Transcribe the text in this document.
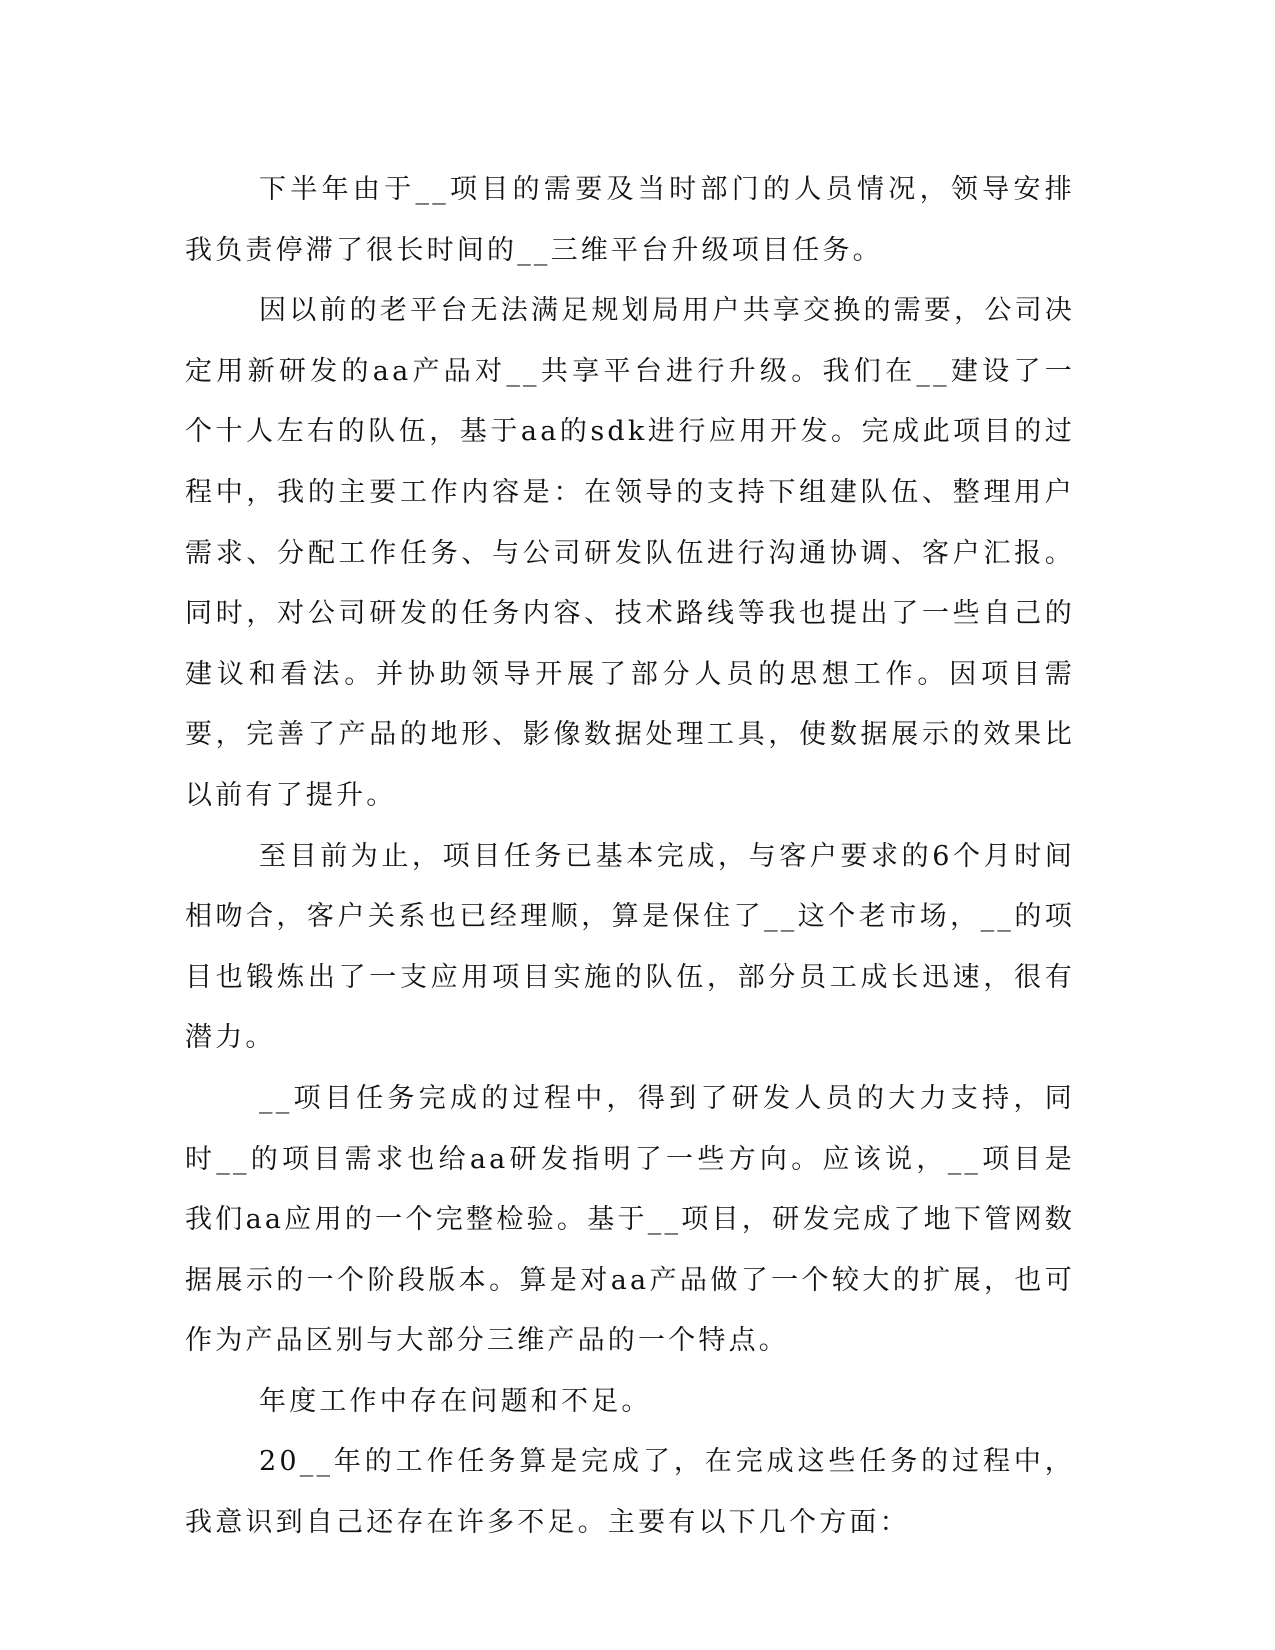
下半年由于__项目的需要及当时部门的人员情况，领导安排我负责停滞了很长时间的__三维平台升级项目任务。

因以前的老平台无法满足规划局用户共享交换的需要，公司决定用新研发的aa产品对__共享平台进行升级。我们在__建设了一个十人左右的队伍，基于aa的sdk进行应用开发。完成此项目的过程中，我的主要工作内容是：在领导的支持下组建队伍、整理用户需求、分配工作任务、与公司研发队伍进行沟通协调、客户汇报。同时，对公司研发的任务内容、技术路线等我也提出了一些自己的建议和看法。并协助领导开展了部分人员的思想工作。因项目需要，完善了产品的地形、影像数据处理工具，使数据展示的效果比以前有了提升。

至目前为止，项目任务已基本完成，与客户要求的6个月时间相吻合，客户关系也已经理顺，算是保住了__这个老市场，__的项目也锻炼出了一支应用项目实施的队伍，部分员工成长迅速，很有潜力。

__项目任务完成的过程中，得到了研发人员的大力支持，同时__的项目需求也给aa研发指明了一些方向。应该说，__项目是我们aa应用的一个完整检验。基于__项目，研发完成了地下管网数据展示的一个阶段版本。算是对aa产品做了一个较大的扩展，也可作为产品区别与大部分三维产品的一个特点。

年度工作中存在问题和不足。

20__年的工作任务算是完成了，在完成这些任务的过程中，我意识到自己还存在许多不足。主要有以下几个方面：
